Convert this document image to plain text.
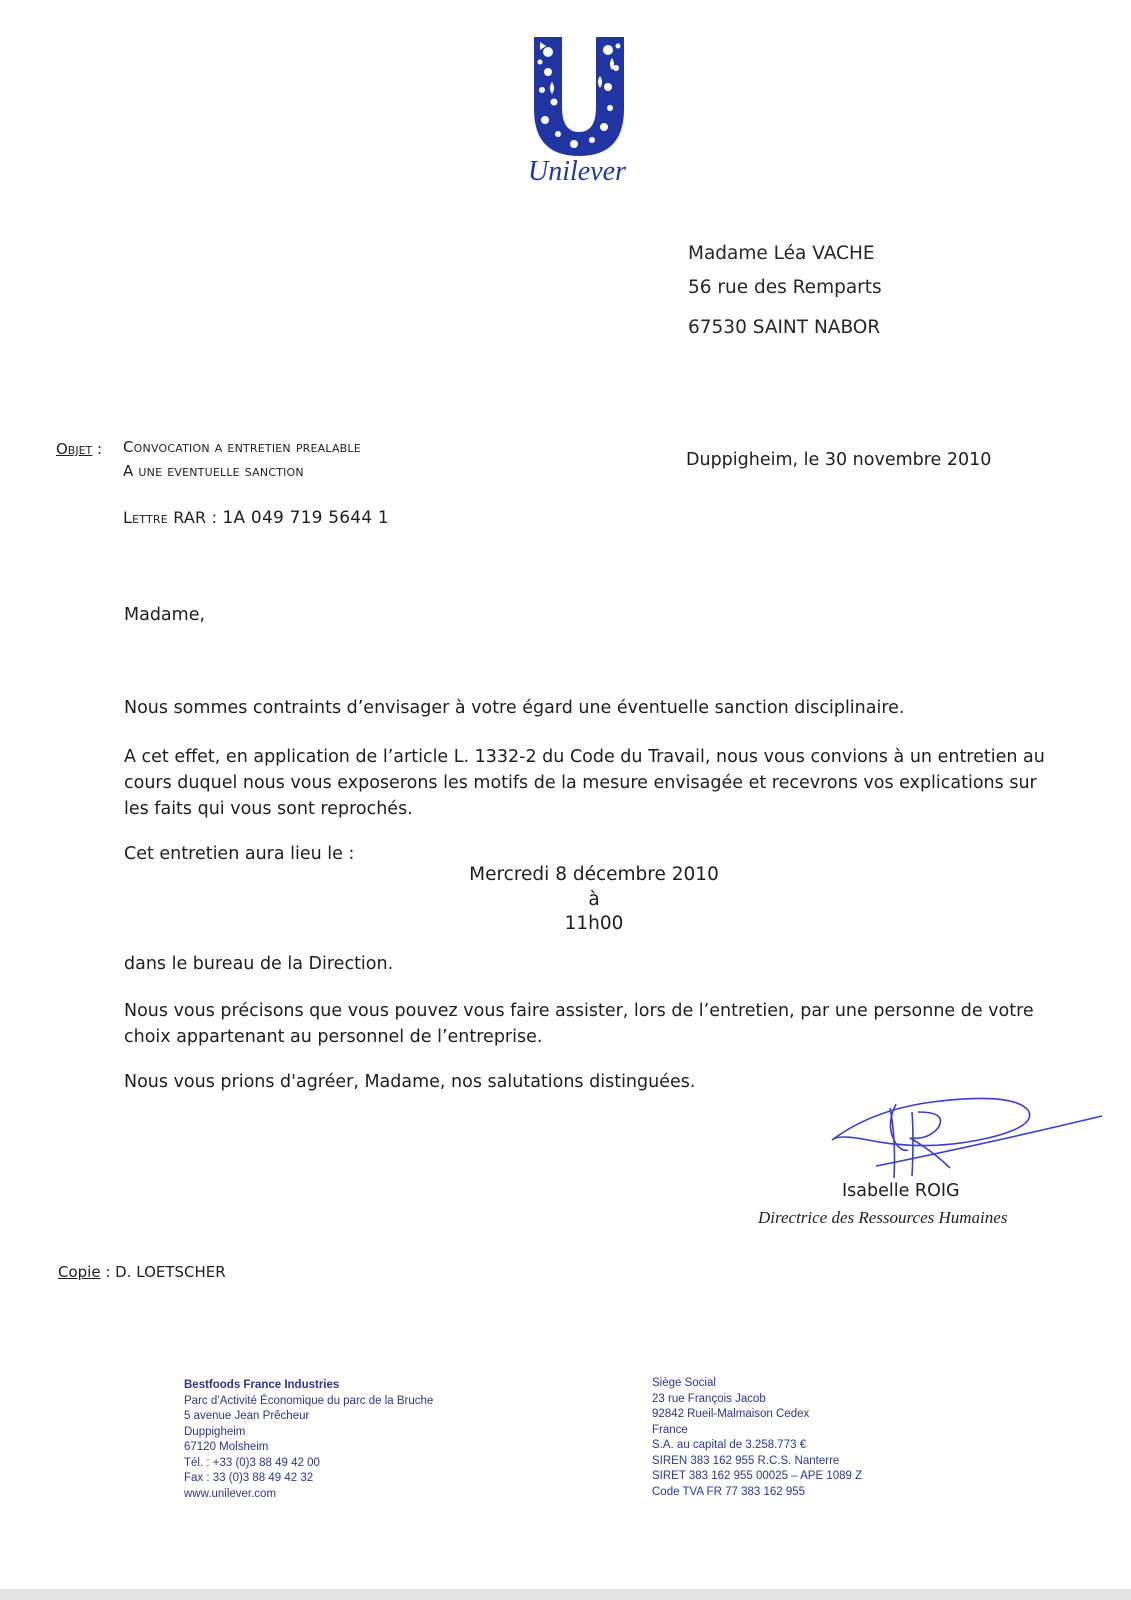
Unilever
Madame Léa VACHE
56 rue des Remparts
67530 SAINT NABOR
Objet : Convocation a entretien prealable
A une eventuelle sanction
Lettre RAR : 1A 049 719 5644 1
Duppigheim, le 30 novembre 2010
Madame,
Nous sommes contraints d’envisager à votre égard une éventuelle sanction disciplinaire.
A cet effet, en application de l’article L. 1332-2 du Code du Travail, nous vous convions à un entretien au cours duquel nous vous exposerons les motifs de la mesure envisagée et recevrons vos explications sur les faits qui vous sont reprochés.
Cet entretien aura lieu le :
Mercredi 8 décembre 2010
à
11h00
dans le bureau de la Direction.
Nous vous précisons que vous pouvez vous faire assister, lors de l’entretien, par une personne de votre choix appartenant au personnel de l’entreprise.
Nous vous prions d'agréer, Madame, nos salutations distinguées.
Isabelle ROIG
Directrice des Ressources Humaines
Copie : D. LOETSCHER
Bestfoods France Industries
Parc d’Activité Économique du parc de la Bruche
5 avenue Jean Prêcheur
Duppigheim
67120 Molsheim
Tél. : +33 (0)3 88 49 42 00
Fax : 33 (0)3 88 49 42 32
www.unilever.com
Siège Social
23 rue François Jacob
92842 Rueil-Malmaison Cedex
France
S.A. au capital de 3.258.773 €
SIREN 383 162 955 R.C.S. Nanterre
SIRET 383 162 955 00025 – APE 1089 Z
Code TVA FR 77 383 162 955
